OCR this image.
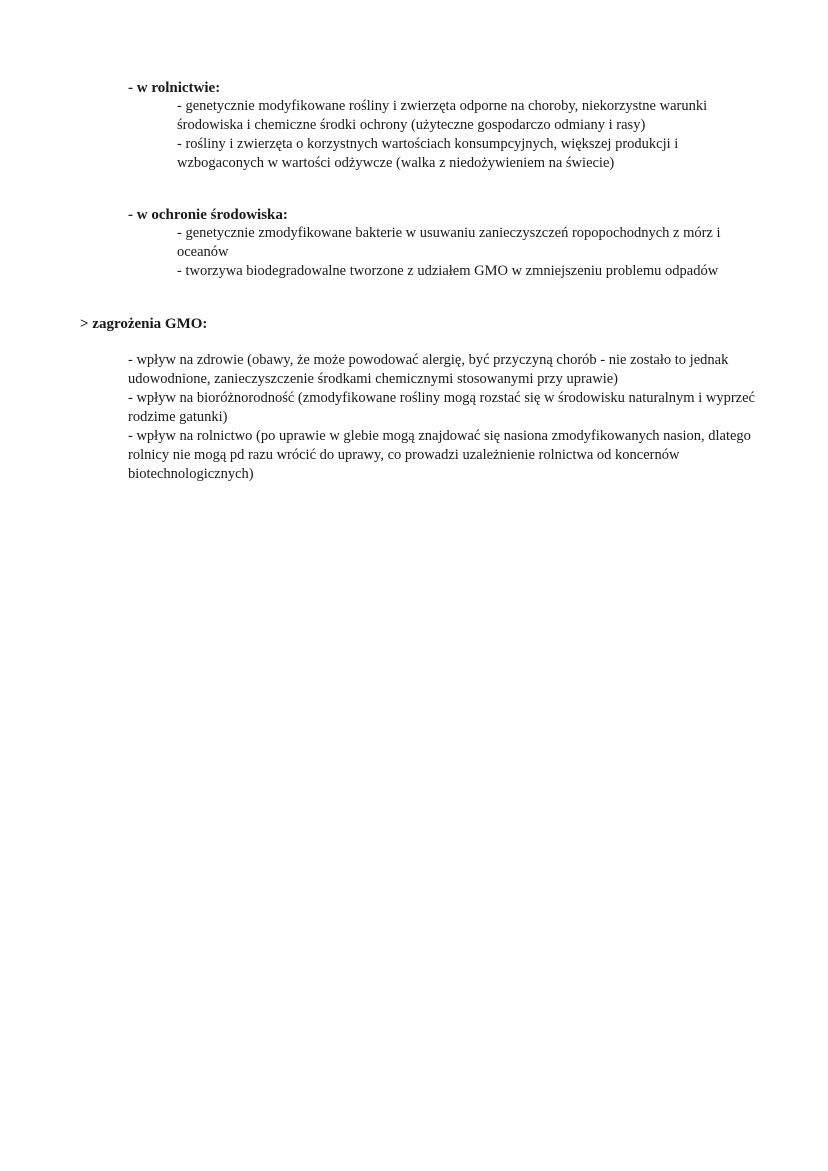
- w rolnictwie:

- genetycznie modyfikowane rośliny i zwierzęta odporne na choroby, niekorzystne warunki środowiska i chemiczne środki ochrony (użyteczne gospodarczo odmiany i rasy)

- rośliny i zwierzęta o korzystnych wartościach konsumpcyjnych, większej produkcji i wzbogaconych w wartości odżywcze (walka z niedożywieniem na świecie)

- w ochronie środowiska:

- genetycznie zmodyfikowane bakterie w usuwaniu zanieczyszczeń ropopochodnych z mórz i oceanów

- tworzywa biodegradowalne tworzone z udziałem GMO w zmniejszeniu problemu odpadów

> zagrożenia GMO:

- wpływ na zdrowie (obawy, że może powodować alergię, być przyczyną chorób - nie zostało to jednak udowodnione, zanieczyszczenie środkami chemicznymi stosowanymi przy uprawie)

- wpływ na bioróżnorodność (zmodyfikowane rośliny mogą rozstać się w środowisku naturalnym i wyprzeć rodzime gatunki)

- wpływ na rolnictwo (po uprawie w glebie mogą znajdować się nasiona zmodyfikowanych nasion, dlatego rolnicy nie mogą pd razu wrócić do uprawy, co prowadzi uzależnienie rolnictwa od koncernów biotechnologicznych)
